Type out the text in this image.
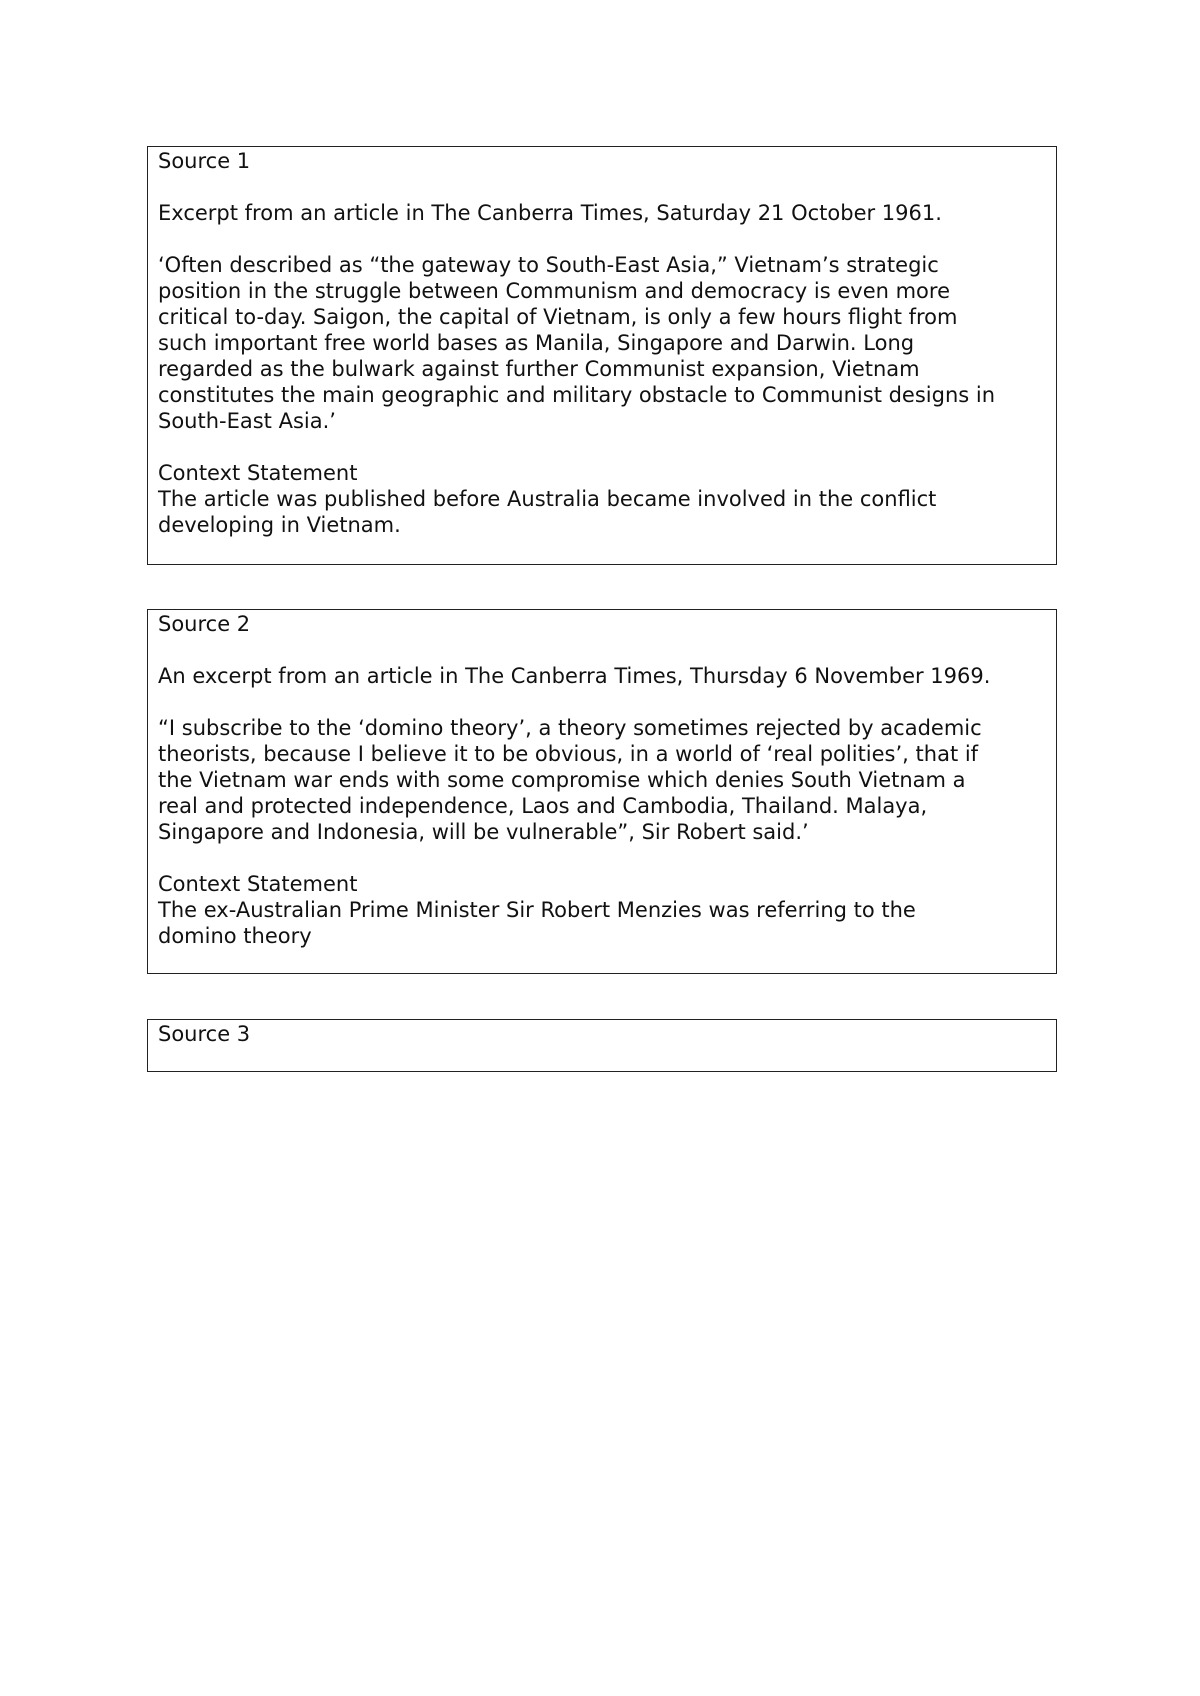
Source 1

Excerpt from an article in The Canberra Times, Saturday 21 October 1961.

‘Often described as “the gateway to South-East Asia,” Vietnam’s strategic

position in the struggle between Communism and democracy is even more

critical to-day. Saigon, the capital of Vietnam, is only a few hours flight from

such important free world bases as Manila, Singapore and Darwin. Long

regarded as the bulwark against further Communist expansion, Vietnam

constitutes the main geographic and military obstacle to Communist designs in

South-East Asia.’

Context Statement

The article was published before Australia became involved in the conflict

developing in Vietnam.

Source 2

An excerpt from an article in The Canberra Times, Thursday 6 November 1969.

“I subscribe to the ‘domino theory’, a theory sometimes rejected by academic

theorists, because I believe it to be obvious, in a world of ‘real polities’, that if

the Vietnam war ends with some compromise which denies South Vietnam a

real and protected independence, Laos and Cambodia, Thailand. Malaya,

Singapore and Indonesia, will be vulnerable”, Sir Robert said.’

Context Statement

The ex-Australian Prime Minister Sir Robert Menzies was referring to the

domino theory

Source 3
